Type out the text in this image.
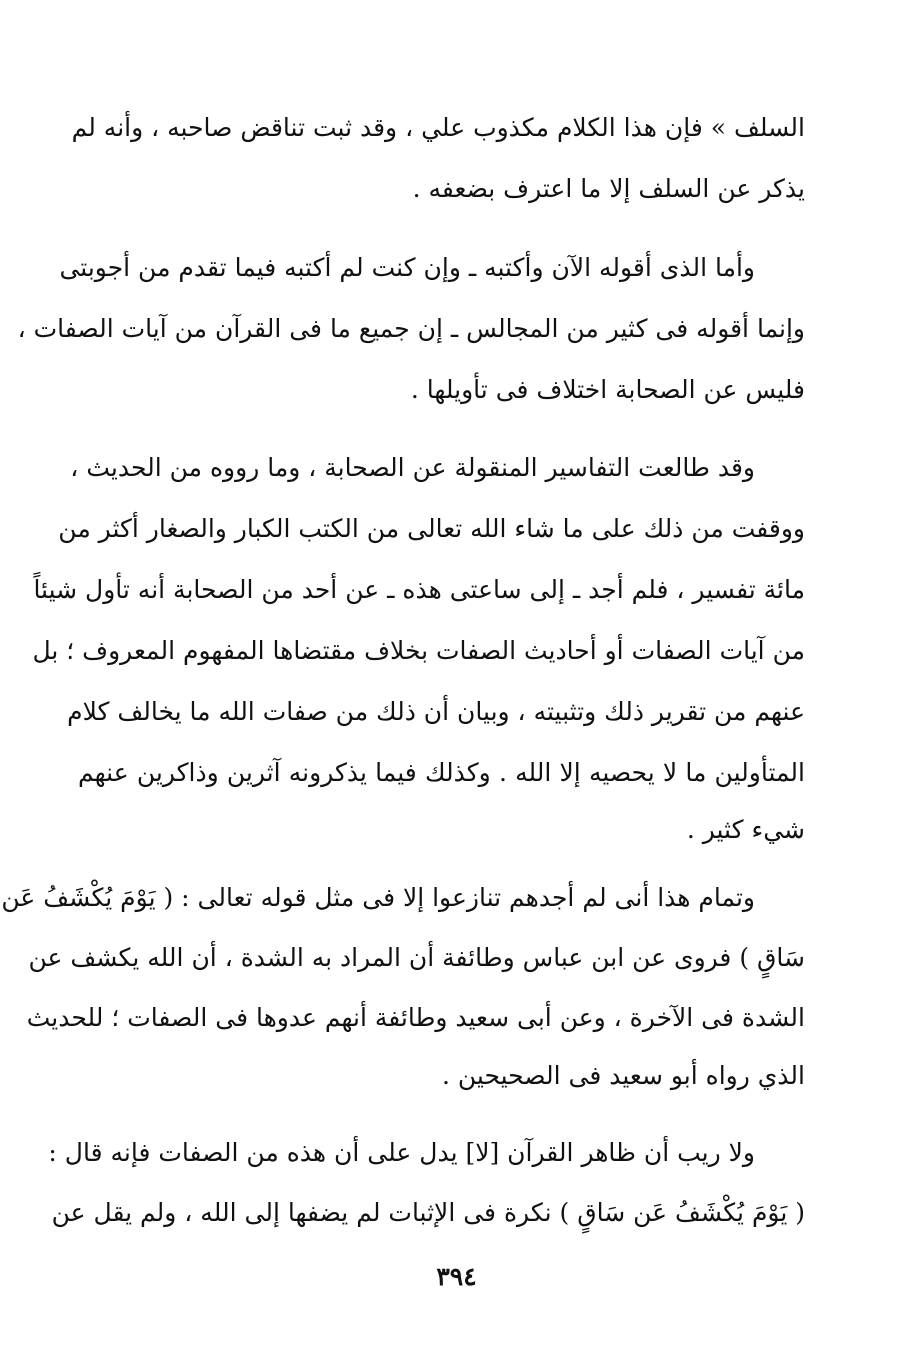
السلف » فإن هذا الكلام مكذوب علي ، وقد ثبت تناقض صاحبه ، وأنه لم
يذكر عن السلف إلا ما اعترف بضعفه .
وأما الذى أقوله الآن وأكتبه ـ وإن كنت لم أكتبه فيما تقدم من أجوبتى
وإنما أقوله فى كثير من المجالس ـ إن جميع ما فى القرآن من آيات الصفات ،
فليس عن الصحابة اختلاف فى تأويلها .
وقد طالعت التفاسير المنقولة عن الصحابة ، وما رووه من الحديث ،
ووقفت من ذلك على ما شاء الله تعالى من الكتب الكبار والصغار أكثر من
مائة تفسير ، فلم أجد ـ إلى ساعتى هذه ـ عن أحد من الصحابة أنه تأول شيئاً
من آيات الصفات أو أحاديث الصفات بخلاف مقتضاها المفهوم المعروف ؛ بل
عنهم من تقرير ذلك وتثبيته ، وبيان أن ذلك من صفات الله ما يخالف كلام
المتأولين ما لا يحصيه إلا الله . وكذلك فيما يذكرونه آثرين وذاكرين عنهم
شيء كثير .
وتمام هذا أنى لم أجدهم تنازعوا إلا فى مثل قوله تعالى : ( يَوْمَ يُكْشَفُ عَن
سَاقٍ ) فروى عن ابن عباس وطائفة أن المراد به الشدة ، أن الله يكشف عن
الشدة فى الآخرة ، وعن أبى سعيد وطائفة أنهم عدوها فى الصفات ؛ للحديث
الذي رواه أبو سعيد فى الصحيحين .
ولا ريب أن ظاهر القرآن [لا] يدل على أن هذه من الصفات فإنه قال :
( يَوْمَ يُكْشَفُ عَن سَاقٍ ) نكرة فى الإثبات لم يضفها إلى الله ، ولم يقل عن
٣٩٤
